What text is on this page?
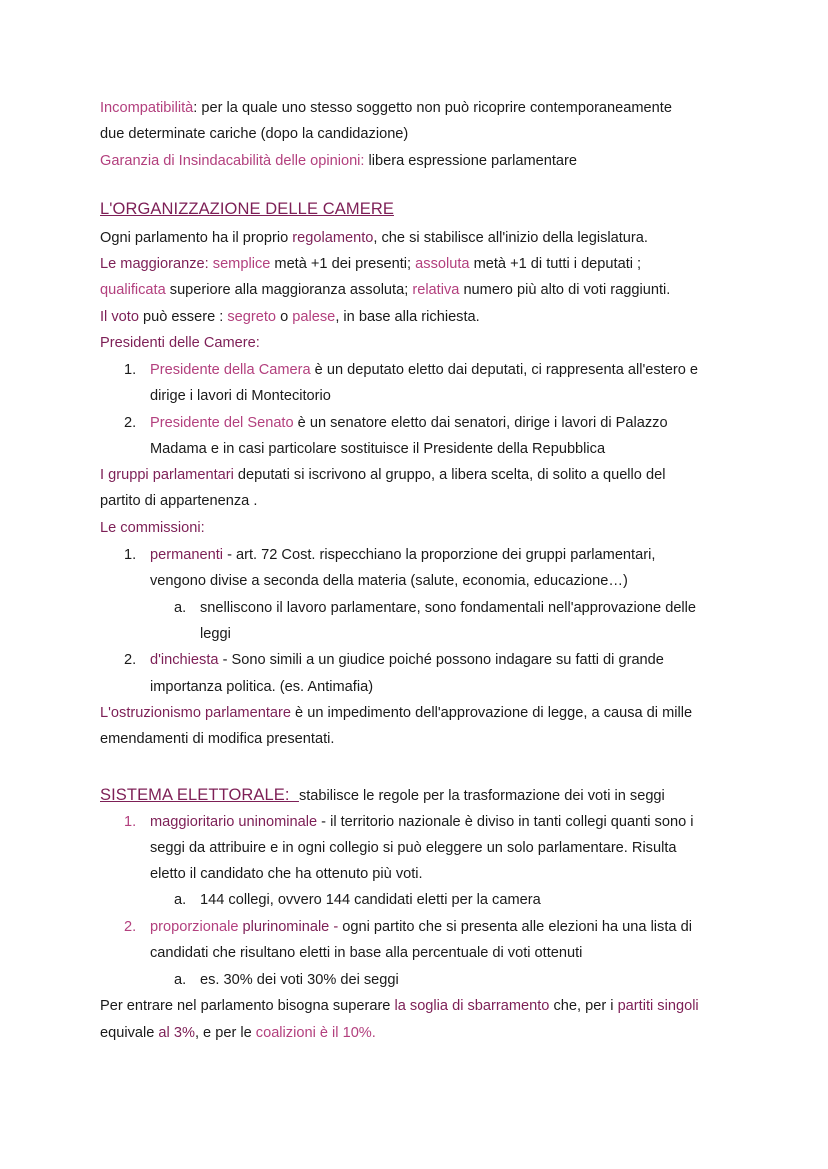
Incompatibilità: per la quale uno stesso soggetto non può ricoprire contemporaneamente
due determinate cariche (dopo la candidazione)
Garanzia di Insindacabilità delle opinioni: libera espressione parlamentare
L'ORGANIZZAZIONE DELLE CAMERE
Ogni parlamento ha il proprio regolamento, che si stabilisce all'inizio della legislatura.
Le maggioranze: semplice metà +1 dei presenti; assoluta metà +1 di tutti i deputati ;
qualificata superiore alla maggioranza assoluta; relativa numero più alto di voti raggiunti.
Il voto può essere : segreto o palese, in base alla richiesta.
Presidenti delle Camere:
1. Presidente della Camera è un deputato eletto dai deputati, ci rappresenta all'estero e
dirige i lavori di Montecitorio
2. Presidente del Senato è un senatore eletto dai senatori, dirige i lavori di Palazzo
Madama e in casi particolare sostituisce il Presidente della Repubblica
I gruppi parlamentari deputati si iscrivono al gruppo, a libera scelta, di solito a quello del
partito di appartenenza .
Le commissioni:
1. permanenti - art. 72 Cost. rispecchiano la proporzione dei gruppi parlamentari,
vengono divise a seconda della materia (salute, economia, educazione…)
a. snelliscono il lavoro parlamentare, sono fondamentali nell'approvazione delle
leggi
2. d'inchiesta - Sono simili a un giudice poiché possono indagare su fatti di grande
importanza politica. (es. Antimafia)
L'ostruzionismo parlamentare è un impedimento dell'approvazione di legge, a causa di mille
emendamenti di modifica presentati.
SISTEMA ELETTORALE:  stabilisce le regole per la trasformazione dei voti in seggi
1. maggioritario uninominale - il territorio nazionale è diviso in tanti collegi quanti sono i
seggi da attribuire e in ogni collegio si può eleggere un solo parlamentare. Risulta
eletto il candidato che ha ottenuto più voti.
a. 144 collegi, ovvero 144 candidati eletti per la camera
2. proporzionale plurinominale - ogni partito che si presenta alle elezioni ha una lista di
candidati che risultano eletti in base alla percentuale di voti ottenuti
a. es. 30% dei voti 30% dei seggi
Per entrare nel parlamento bisogna superare la soglia di sbarramento che, per i partiti singoli
equivale al 3%, e per le coalizioni è il 10%.
